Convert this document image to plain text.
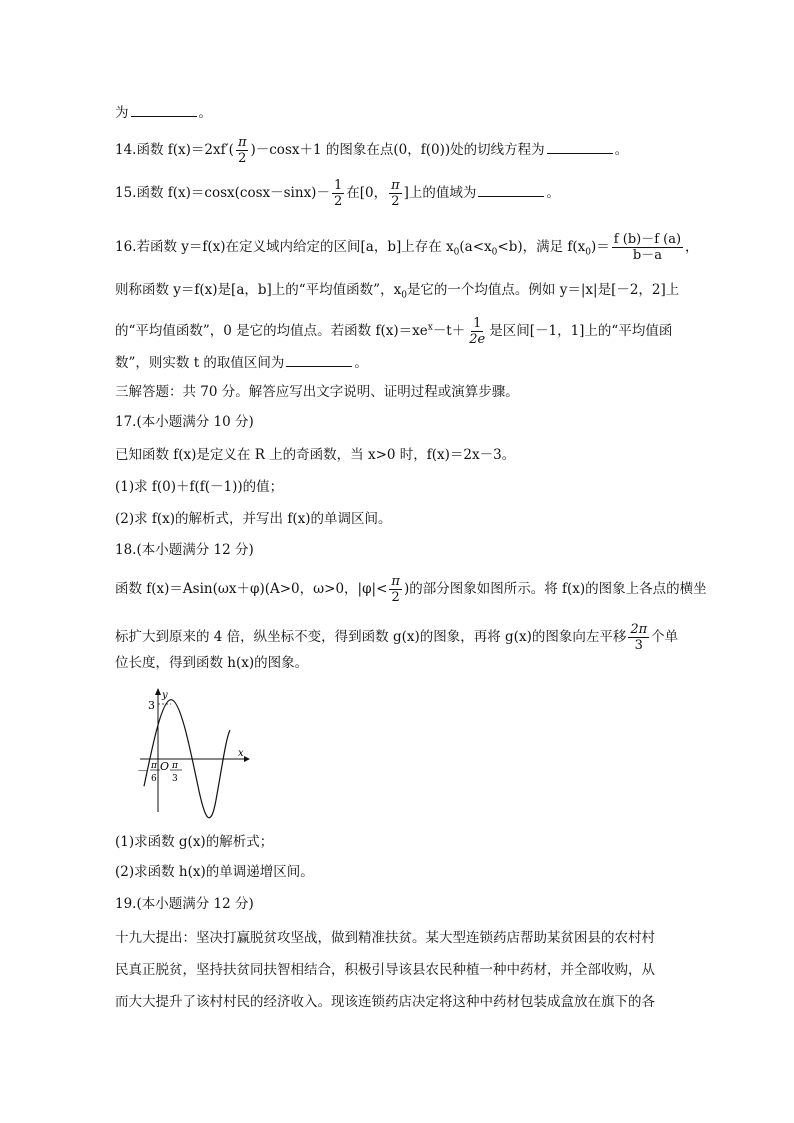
为	。
14.函数 $f(x)=2xf'( \frac{\pi}{2} )-\cos x+1$ 的图象在点(0，f(0))处的切线方程为	。
15.函数 $f(x)=\cos x(\cos x-\sin x)- \frac{1}{2}$ 在[0， $\frac{\pi}{2}$ ]上的值域为	。
16.若函数 y＝f(x)在定义域内给定的区间[a，b]上存在 $x_0(a<x_0<b)$，满足 $f(x_0)= \frac{f (b)-f (a)}{b-a}$ ，
则称函数 y＝f(x)是[a，b]上的“平均值函数”，$x_0$是它的一个均值点。例如 y＝|x|是[－2，2]上
的“平均值函数”，0 是它的均值点。若函数 $f(x)=xe^x-t+ \frac{1}{2e}$ 是区间[－1，1]上的“平均值函
数”，则实数 t 的取值区间为	。
三解答题：共 70 分。解答应写出文字说明、证明过程或演算步骤。
17.(本小题满分 10 分)
已知函数 f(x)是定义在 R 上的奇函数，当 x>0 时，f(x)＝2x－3。
(1)求 f(0)＋f(f(－1))的值；
(2)求 f(x)的解析式，并写出 f(x)的单调区间。
18.(本小题满分 12 分)
函数 f(x)＝Asin(ωx＋φ)(A>0，ω>0，$|\varphi|< \frac{\pi}{2}$ )的部分图象如图所示。将 f(x)的图象上各点的横坐
标扩大到原来的 4 倍，纵坐标不变，得到函数 g(x)的图象，再将 g(x)的图象向左平移 $\frac{2\pi}{3}$ 个单
位长度，得到函数 h(x)的图象。
y
x
3
O
－ π
6
π
3
(1)求函数 g(x)的解析式；
(2)求函数 h(x)的单调递增区间。
19.(本小题满分 12 分)
十九大提出：坚决打赢脱贫攻坚战，做到精准扶贫。某大型连锁药店帮助某贫困县的农村村
民真正脱贫，坚持扶贫同扶智相结合，积极引导该县农民种植一种中药材，并全部收购，从
而大大提升了该村村民的经济收入。现该连锁药店决定将这种中药材包装成盒放在旗下的各
